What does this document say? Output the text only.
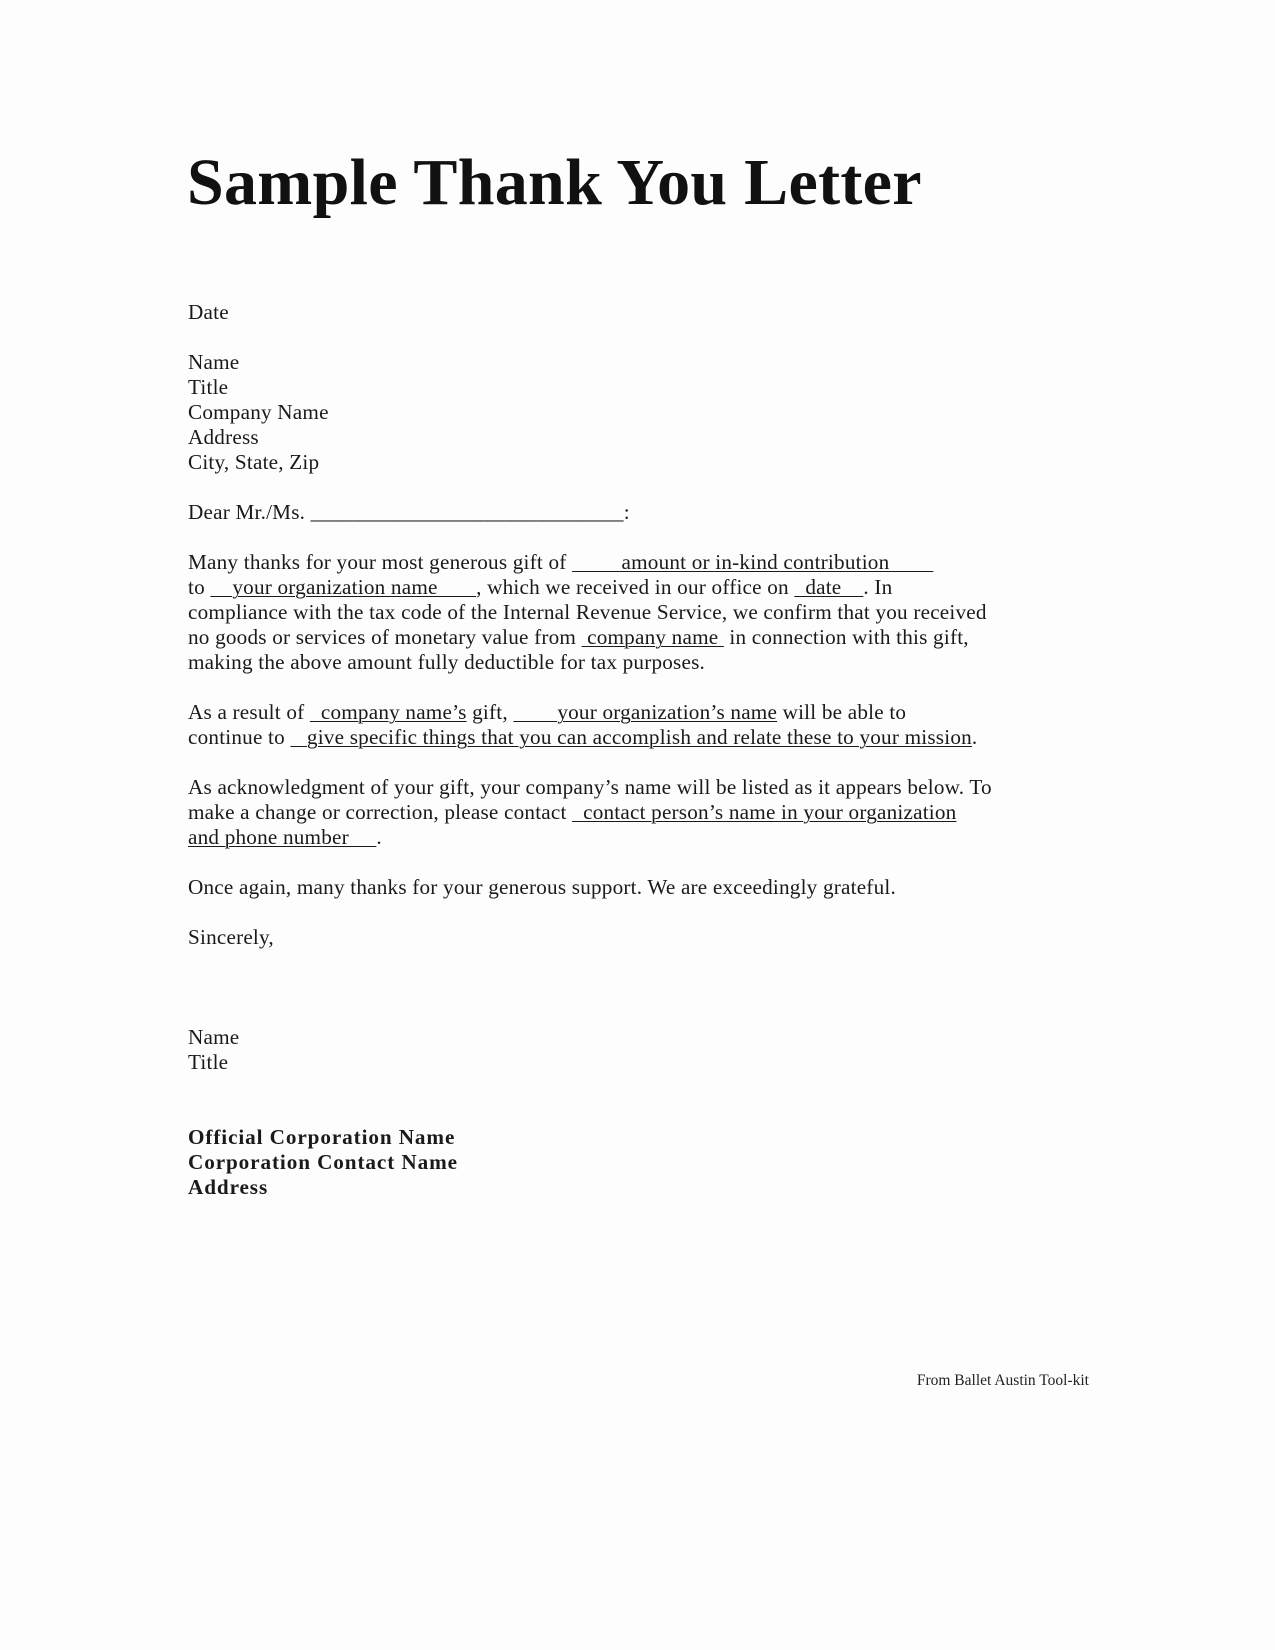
Sample Thank You Letter
Date
Name
Title
Company Name
Address
City, State, Zip
Dear Mr./Ms. _____________________________:
Many thanks for your most generous gift of          amount or in-kind contribution
to     your organization name       , which we received in our office on   date    . In
compliance with the tax code of the Internal Revenue Service, we confirm that you received
no goods or services of monetary value from  company name  in connection with this gift,
making the above amount fully deductible for tax purposes.
As a result of   company name’s gift,         your organization’s name will be able to
continue to    give specific things that you can accomplish and relate these to your mission.
As acknowledgment of your gift, your company’s name will be listed as it appears below. To
make a change or correction, please contact   contact person’s name in your organization
and phone number     .
Once again, many thanks for your generous support. We are exceedingly grateful.
Sincerely,
Name
Title
Official Corporation Name
Corporation Contact Name
Address
From Ballet Austin Tool-kit
